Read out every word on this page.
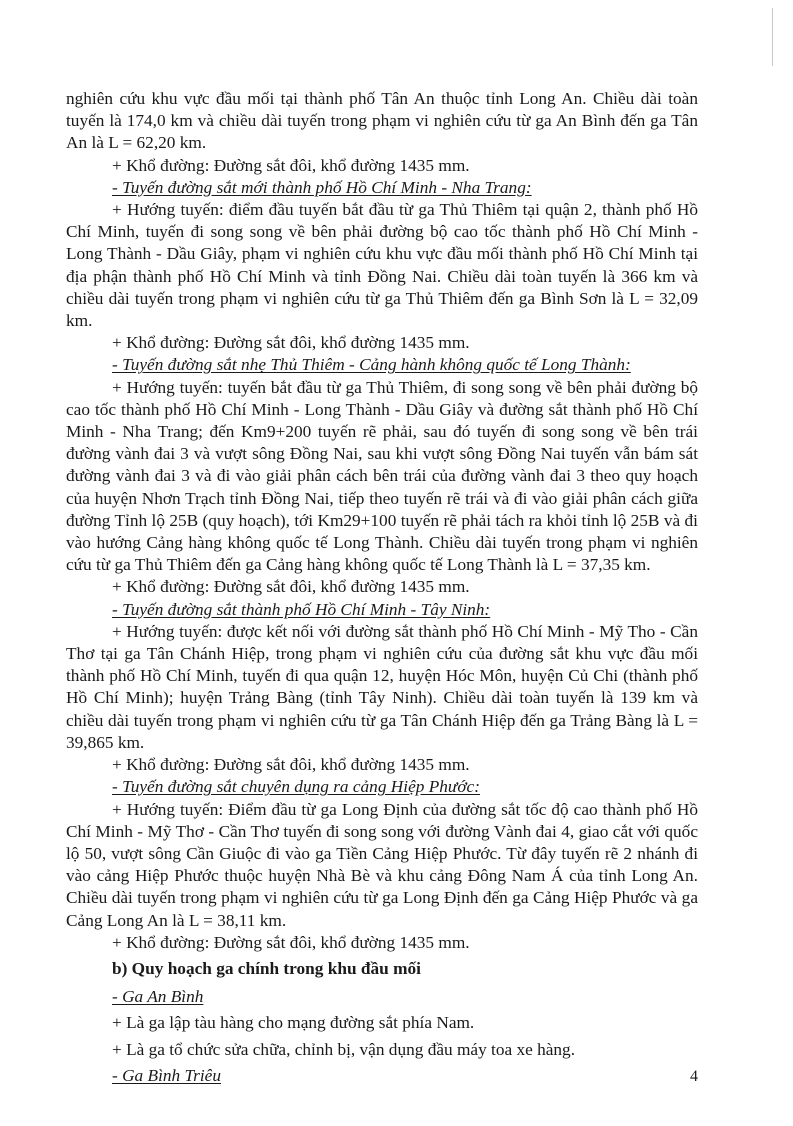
nghiên cứu khu vực đầu mối tại thành phố Tân An thuộc tỉnh Long An. Chiều dài toàn tuyến là 174,0 km và chiều dài tuyến trong phạm vi nghiên cứu từ ga An Bình đến ga Tân An là L = 62,20 km.

+ Khổ đường: Đường sắt đôi, khổ đường 1435 mm.

- Tuyến đường sắt mới thành phố Hồ Chí Minh - Nha Trang:

+ Hướng tuyến: điểm đầu tuyến bắt đầu từ ga Thủ Thiêm tại quận 2, thành phố Hồ Chí Minh, tuyến đi song song về bên phải đường bộ cao tốc thành phố Hồ Chí Minh - Long Thành - Dầu Giây, phạm vi nghiên cứu khu vực đầu mối thành phố Hồ Chí Minh tại địa phận thành phố Hồ Chí Minh và tỉnh Đồng Nai. Chiều dài toàn tuyến là 366 km và chiều dài tuyến trong phạm vi nghiên cứu từ ga Thủ Thiêm đến ga Bình Sơn là L = 32,09 km.

+ Khổ đường: Đường sắt đôi, khổ đường 1435 mm.

- Tuyến đường sắt nhẹ Thủ Thiêm - Cảng hành không quốc tế Long Thành:

+ Hướng tuyến: tuyến bắt đầu từ ga Thủ Thiêm, đi song song về bên phải đường bộ cao tốc thành phố Hồ Chí Minh - Long Thành - Dầu Giây và đường sắt thành phố Hồ Chí Minh - Nha Trang; đến Km9+200 tuyến rẽ phải, sau đó tuyến đi song song về bên trái đường vành đai 3 và vượt sông Đồng Nai, sau khi vượt sông Đồng Nai tuyến vẫn bám sát đường vành đai 3 và đi vào giải phân cách bên trái của đường vành đai 3 theo quy hoạch của huyện Nhơn Trạch tỉnh Đồng Nai, tiếp theo tuyến rẽ trái và đi vào giải phân cách giữa đường Tỉnh lộ 25B (quy hoạch), tới Km29+100 tuyến rẽ phải tách ra khỏi tỉnh lộ 25B và đi vào hướng Cảng hàng không quốc tế Long Thành. Chiều dài tuyến trong phạm vi nghiên cứu từ ga Thủ Thiêm đến ga Cảng hàng không quốc tế Long Thành là L = 37,35 km.

+ Khổ đường: Đường sắt đôi, khổ đường 1435 mm.

- Tuyến đường sắt thành phố Hồ Chí Minh - Tây Ninh:

+ Hướng tuyến: được kết nối với đường sắt thành phố Hồ Chí Minh - Mỹ Tho - Cần Thơ tại ga Tân Chánh Hiệp, trong phạm vi nghiên cứu của đường sắt khu vực đầu mối thành phố Hồ Chí Minh, tuyến đi qua quận 12, huyện Hóc Môn, huyện Củ Chi (thành phố Hồ Chí Minh); huyện Trảng Bàng (tỉnh Tây Ninh). Chiều dài toàn tuyến là 139 km và chiều dài tuyến trong phạm vi nghiên cứu từ ga Tân Chánh Hiệp đến ga Trảng Bàng là L = 39,865 km.

+ Khổ đường: Đường sắt đôi, khổ đường 1435 mm.

- Tuyến đường sắt chuyên dụng ra cảng Hiệp Phước:

+ Hướng tuyến: Điểm đầu từ ga Long Định của đường sắt tốc độ cao thành phố Hồ Chí Minh - Mỹ Thơ - Cần Thơ tuyến đi song song với đường Vành đai 4, giao cắt với quốc lộ 50, vượt sông Cần Giuộc đi vào ga Tiền Cảng Hiệp Phước. Từ đây tuyến rẽ 2 nhánh đi vào cảng Hiệp Phước thuộc huyện Nhà Bè và khu cảng Đông Nam Á của tỉnh Long An. Chiều dài tuyến trong phạm vi nghiên cứu từ ga Long Định đến ga Cảng Hiệp Phước và ga Cảng Long An là L = 38,11 km.

+ Khổ đường: Đường sắt đôi, khổ đường 1435 mm.

b) Quy hoạch ga chính trong khu đầu mối

- Ga An Bình

+ Là ga lập tàu hàng cho mạng đường sắt phía Nam.

+ Là ga tổ chức sửa chữa, chỉnh bị, vận dụng đầu máy toa xe hàng.

- Ga Bình Triêu	4
